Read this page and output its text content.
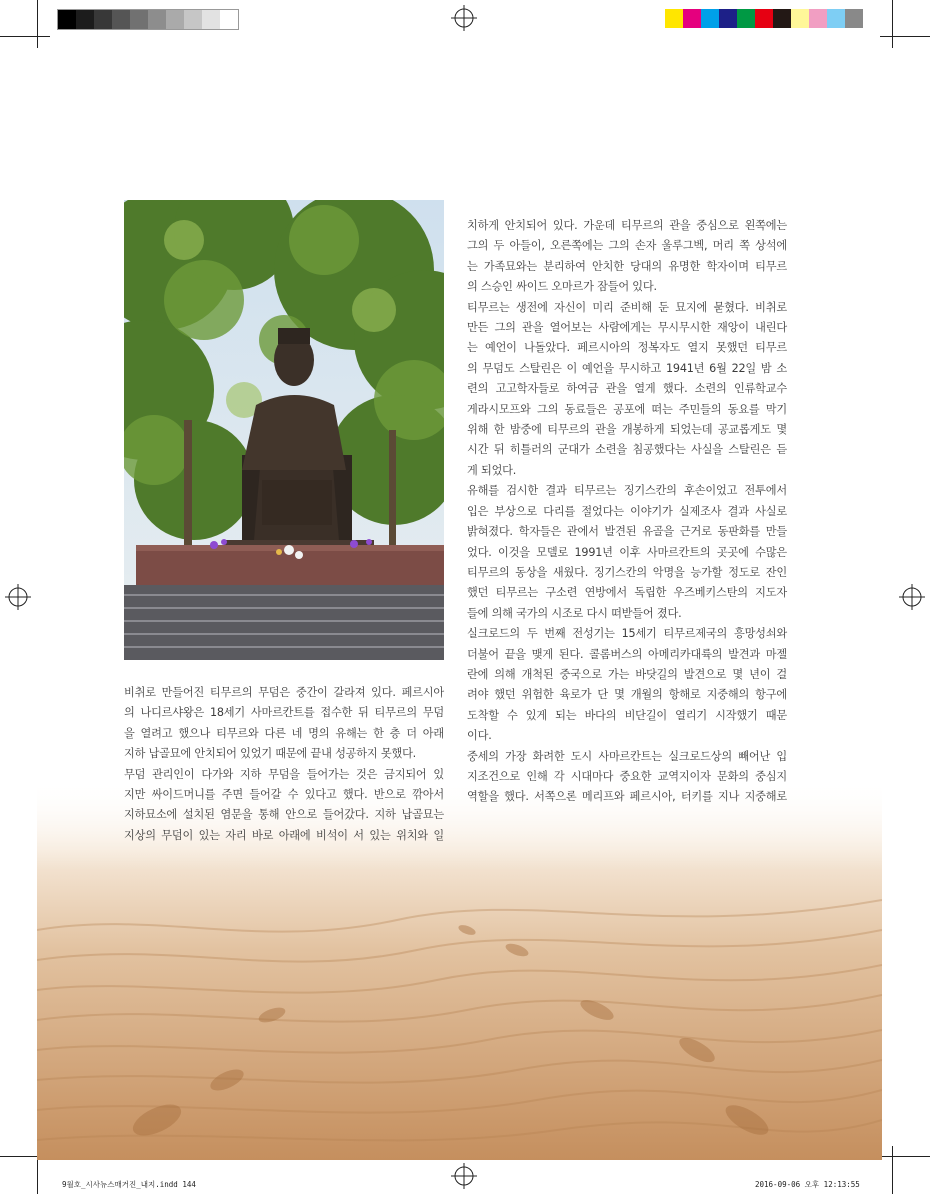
비취로 만들어진 티무르의 무덤은 중간이 갈라져 있다. 페르시아
의 나디르샤왕은 18세기 사마르칸트를 접수한 뒤 티무르의 무덤
을 열려고 했으나 티무르와 다른 네 명의 유해는 한 층 더 아래
지하 납골묘에 안치되어 있었기 때문에 끝내 성공하지 못했다.
무덤 관리인이 다가와 지하 무덤을 들어가는 것은 금지되어 있
지만 싸이드머니를 주면 들어갈 수 있다고 했다. 반으로 깎아서
지하묘소에 설치된 염문을 통해 안으로 들어갔다. 지하 납골묘는
지상의 무덤이 있는 자리 바로 아래에 비석이 서 있는 위치와 일
치하게 안치되어 있다. 가운데 티무르의 관을 중심으로 왼쪽에는
그의 두 아들이, 오른쪽에는 그의 손자 울루그벡, 머리 쪽 상석에
는 가족묘와는 분리하여 안치한 당대의 유명한 학자이며 티무르
의 스승인 싸이드 오마르가 잠들어 있다.
티무르는 생전에 자신이 미리 준비해 둔 묘지에 묻혔다. 비취로
만든 그의 관을 열어보는 사람에게는 무시무시한 재앙이 내린다
는 예언이 나돌았다. 페르시아의 정복자도 열지 못했던 티무르
의 무덤도 스탈린은 이 예언을 무시하고 1941년 6월 22일 밤 소
련의 고고학자들로 하여금 관을 열게 했다. 소련의 인류학교수
게라시모프와 그의 동료들은 공포에 떠는 주민들의 동요를 막기
위해 한 밤중에 티무르의 관을 개봉하게 되었는데 공교롭게도 몇
시간 뒤 히틀러의 군대가 소련을 침공했다는 사실을 스탈린은 듣
게 되었다.
유해를 검시한 결과 티무르는 징기스칸의 후손이었고 전투에서
입은 부상으로 다리를 절었다는 이야기가 실제조사 결과 사실로
밝혀졌다. 학자들은 관에서 발견된 유골을 근거로 동판화를 만들
었다. 이것을 모델로 1991년 이후 사마르칸트의 곳곳에 수많은
티무르의 동상을 새웠다. 징기스칸의 악명을 능가할 정도로 잔인
했던 티무르는 구소련 연방에서 독립한 우즈베키스탄의 지도자
들에 의해 국가의 시조로 다시 떠받들어 졌다.
실크로드의 두 번째 전성기는 15세기 티무르제국의 흥망성쇠와
더불어 끝을 맺게 된다. 콜롬버스의 아메리카대륙의 발견과 마젤
란에 의해 개척된 중국으로 가는 바닷길의 발견으로 몇 년이 걸
려야 했던 위험한 육로가 단 몇 개월의 항해로 지중해의 항구에
도착할 수 있게 되는 바다의 비단길이 열리기 시작했기 때문
이다.
중세의 가장 화려한 도시 사마르칸트는 실크로드상의 빼어난 입
지조건으로 인해 각 시대마다 중요한 교역지이자 문화의 중심지
역할을 했다. 서쪽으론 메리프와 페르시아, 터키를 지나 지중해로
9월호_시사뉴스매거진_내지.indd 144	2016-09-06 오후 12:13:55
